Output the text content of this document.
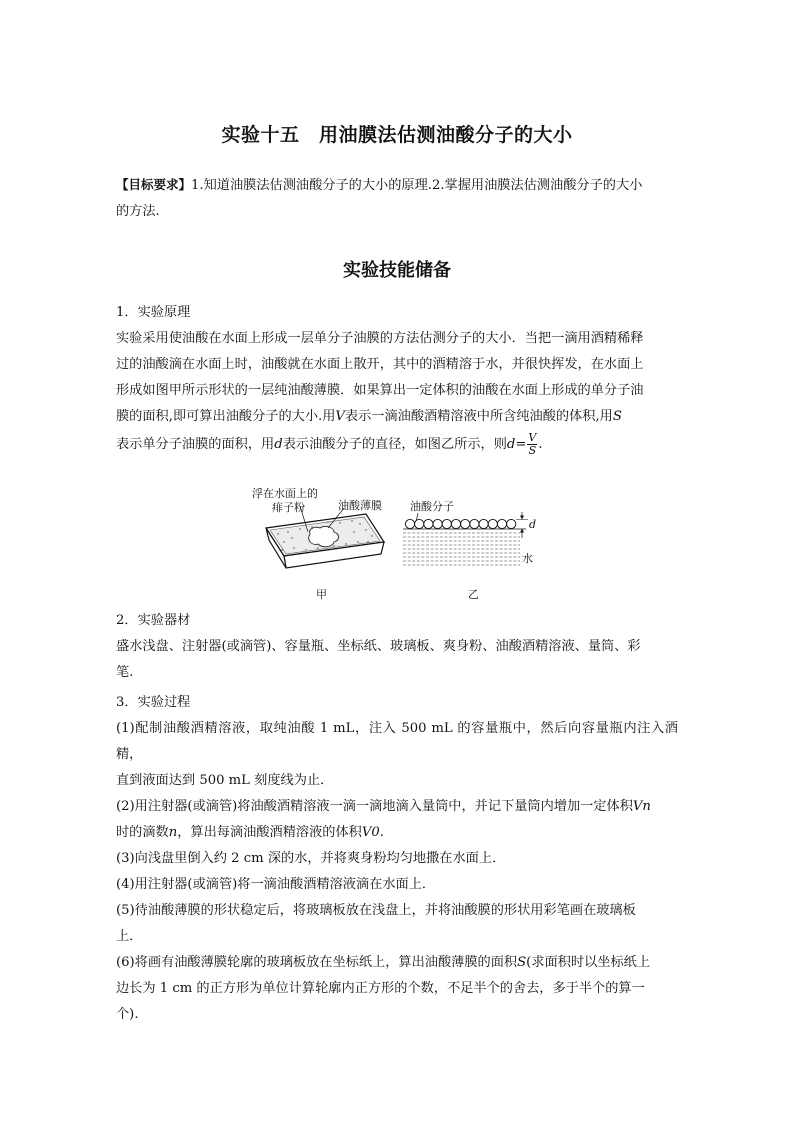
实验十五　用油膜法估测油酸分子的大小
【目标要求】1.知道油膜法估测油酸分子的大小的原理.2.掌握用油膜法估测油酸分子的大小
的方法.
实验技能储备
1．实验原理
实验采用使油酸在水面上形成一层单分子油膜的方法估测分子的大小．当把一滴用酒精稀释
过的油酸滴在水面上时，油酸就在水面上散开，其中的酒精溶于水，并很快挥发，在水面上
形成如图甲所示形状的一层纯油酸薄膜．如果算出一定体积的油酸在水面上形成的单分子油
膜的面积,即可算出油酸分子的大小.用V表示一滴油酸酒精溶液中所含纯油酸的体积,用S
表示单分子油膜的面积，用d表示油酸分子的直径，如图乙所示，则$d= \frac{V}{S}$ .
浮在水面上的
痱子粉	油酸薄膜
甲
油酸分子
d
水
乙
2．实验器材
盛水浅盘、注射器(或滴管)、容量瓶、坐标纸、玻璃板、爽身粉、油酸酒精溶液、量筒、彩
笔.
3．实验过程
(1)配制油酸酒精溶液，取纯油酸 1 mL，注入 500 mL 的容量瓶中，然后向容量瓶内注入酒精，
直到液面达到 500 mL 刻度线为止．
(2)用注射器(或滴管)将油酸酒精溶液一滴一滴地滴入量筒中，并记下量筒内增加一定体积Vn
时的滴数n，算出每滴油酸酒精溶液的体积V0.
(3)向浅盘里倒入约 2 cm 深的水，并将爽身粉均匀地撒在水面上．
(4)用注射器(或滴管)将一滴油酸酒精溶液滴在水面上．
(5)待油酸薄膜的形状稳定后，将玻璃板放在浅盘上，并将油酸膜的形状用彩笔画在玻璃板
上．
(6)将画有油酸薄膜轮廓的玻璃板放在坐标纸上，算出油酸薄膜的面积S(求面积时以坐标纸上
边长为 1 cm 的正方形为单位计算轮廓内正方形的个数，不足半个的舍去，多于半个的算一
个).
